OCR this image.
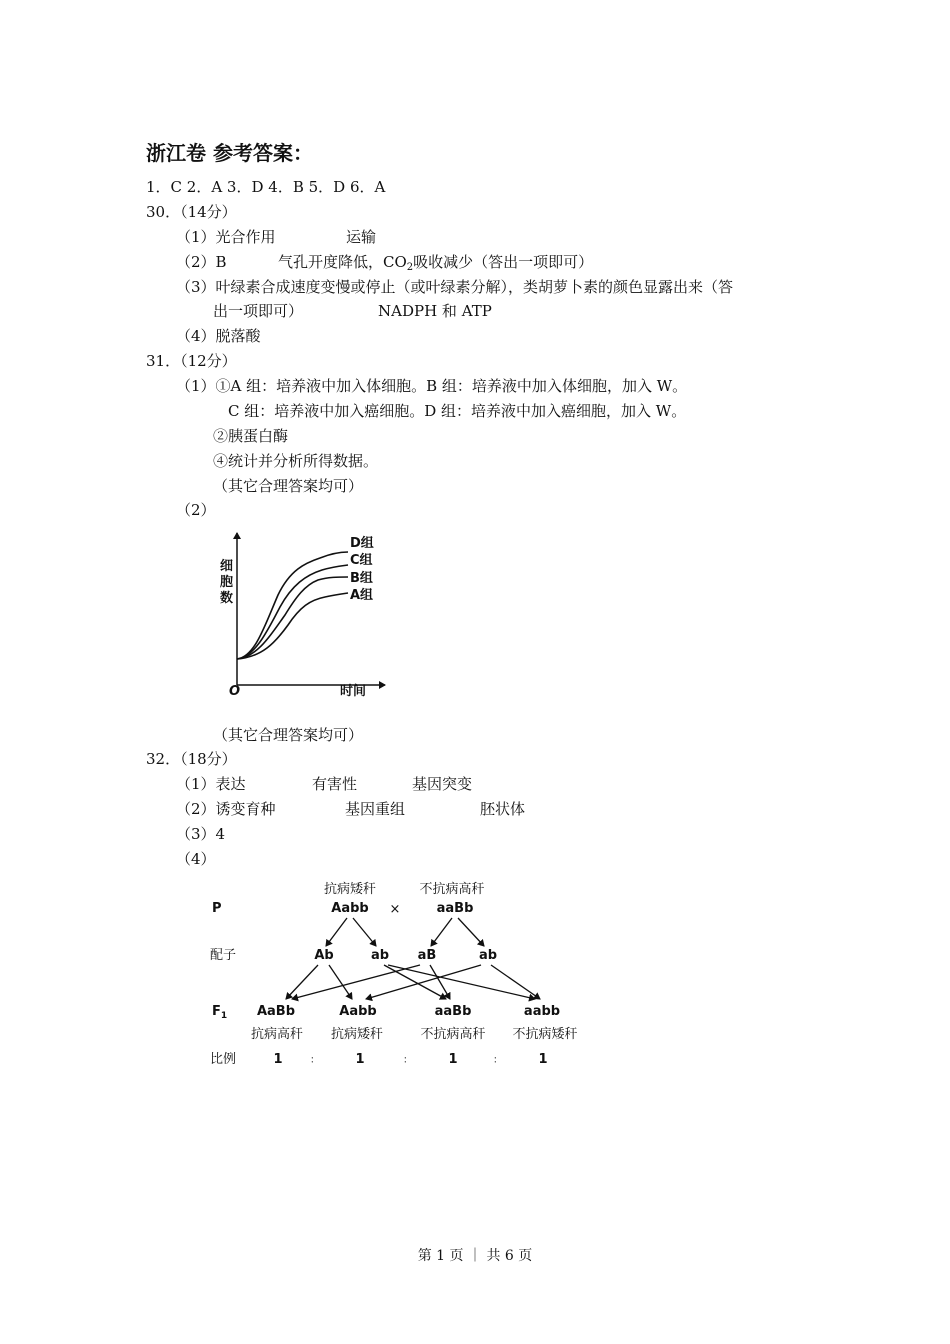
浙江卷 参考答案：
1．C 2．A 3．D 4．B 5．D 6．A
30．（14分）
（1）光合作用	运输
（2）B	气孔开度降低，$CO_2$吸收减少（答出一项即可）
（3）叶绿素合成速度变慢或停止（或叶绿素分解），类胡萝卜素的颜色显露出来（答
出一项即可）	NADPH 和 ATP
（4）脱落酸
31．（12分）
（1）①A 组：培养液中加入体细胞。B 组：培养液中加入体细胞，加入 W。
C 组：培养液中加入癌细胞。D 组：培养液中加入癌细胞，加入 W。
②胰蛋白酶
④统计并分析所得数据。
（其它合理答案均可）
（2）
细
胞
数
O	时间
D组
C组
B组
A组
（其它合理答案均可）
32．（18分）
（1）表达	有害性	基因突变
（2）诱变育种	基因重组	胚状体
（3）4
（4）
P
配子
$F_1$
比例
抗病矮秆
Aabb ×
不抗病高秆
aaBb
Ab	ab aB	ab
AaBb	Aabb	aaBb	aabb
抗病高秆 抗病矮秆	不抗病高秆 不抗病矮秆
1	：	1	：	1	：	1
第 1 页 ｜ 共 6 页
